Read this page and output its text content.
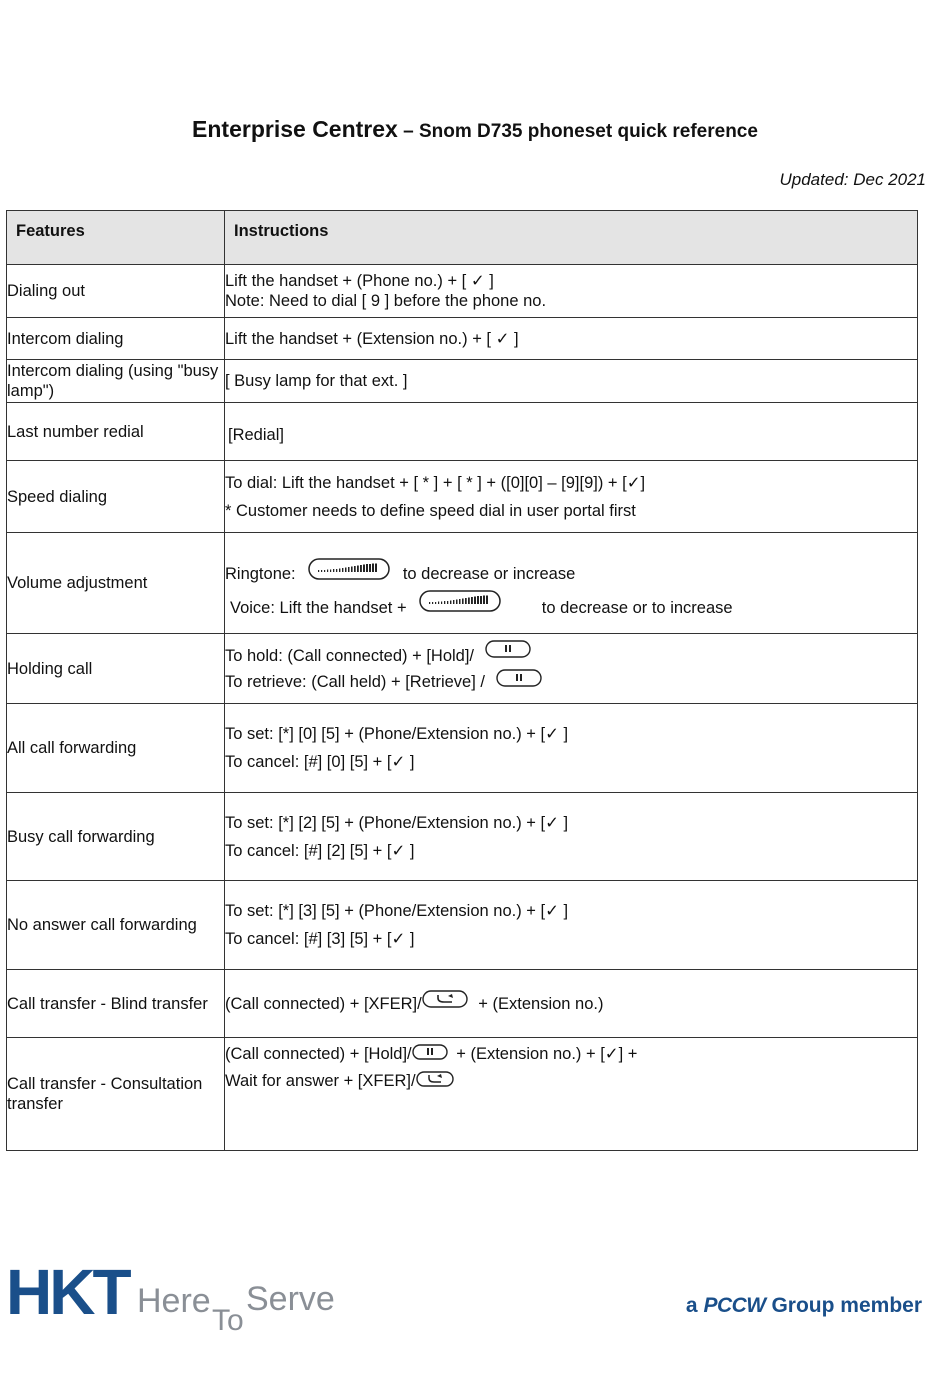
Enterprise Centrex – Snom D735 phoneset quick reference
Updated: Dec 2021
Features	Instructions
Dialing out	Lift the handset + (Phone no.) + [ ✓ ]
Note: Need to dial [ 9 ] before the phone no.

Intercom dialing	Lift the handset + (Extension no.) + [ ✓ ]

Intercom dialing (using "busy lamp")	[ Busy lamp for that ext. ]

Last number redial	[Redial]

Speed dialing	To dial: Lift the handset + [ * ] + [ * ] + ([0][0] – [9][9]) + [✓]
* Customer needs to define speed dial in user portal first

Volume adjustment	Ringtone: to decrease or increase
Voice: Lift the handset + to decrease or to increase

Holding call	To hold: (Call connected) + [Hold]/
To retrieve: (Call held) + [Retrieve] /

All call forwarding	To set: [*] [0] [5] + (Phone/Extension no.) + [✓ ]
To cancel: [#] [0] [5] + [✓ ]

Busy call forwarding	To set: [*] [2] [5] + (Phone/Extension no.) + [✓ ]
To cancel: [#] [2] [5] + [✓ ]

No answer call forwarding	To set: [*] [3] [5] + (Phone/Extension no.) + [✓ ]
To cancel: [#] [3] [5] + [✓ ]

Call transfer - Blind transfer	(Call connected) + [XFER]/ + (Extension no.)

Call transfer - Consultation transfer	(Call connected) + [Hold]/ + (Extension no.) + [✓] +
Wait for answer + [XFER]/
HKT Here
To
Serve	a PCCW Group member
